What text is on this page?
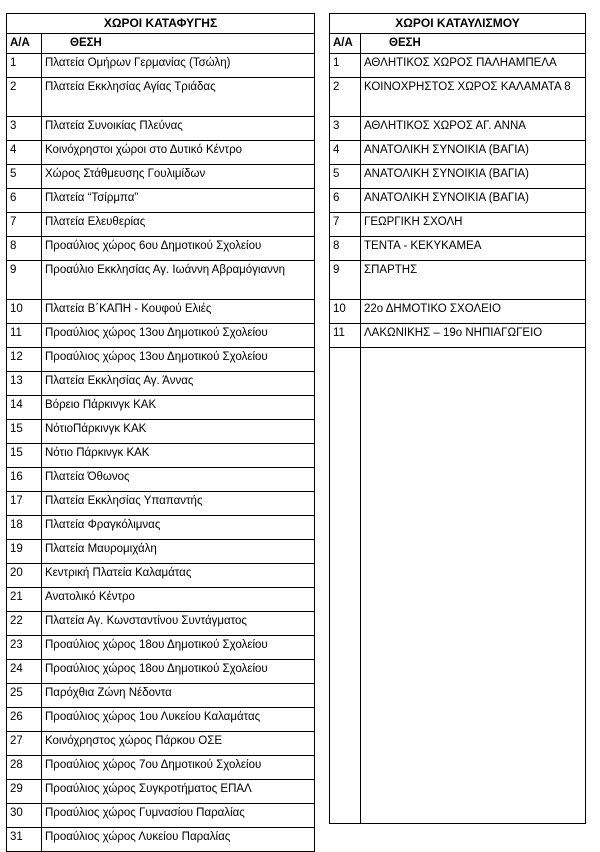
ΧΩΡΟΙ ΚΑΤΑΦΥΓΗΣ	
Α/Α	ΘΕΣΗ
1	Πλατεία Ομήρων Γερμανίας (Τσώλη)
2	Πλατεία Εκκλησίας Αγίας Τριάδας
3	Πλατεία Συνοικίας Πλεύνας
4	Κοινόχρηστοι χώροι στο Δυτικό Κέντρο
5	Χώρος Στάθμευσης Γουλιμίδων
6	Πλατεία “Τσίρμπα”
7	Πλατεία Ελευθερίας
8	Προαύλιος χώρος 6ου Δημοτικού Σχολείου
9	Προαύλιο Εκκλησίας Αγ. Ιωάννη Αβραμόγιαννη
10	Πλατεία Β΄ΚΑΠΗ - Κουφού Ελιές
11	Προαύλιος χώρος 13ου Δημοτικού Σχολείου
12	Προαύλιος χώρος 13ου Δημοτικού Σχολείου
13	Πλατεία Εκκλησίας Αγ. Άννας
14	Βόρειο Πάρκινγκ ΚΑΚ
15	ΝότιοΠάρκινγκ ΚΑΚ
15	Νότιο Πάρκινγκ ΚΑΚ
16	Πλατεία Όθωνος
17	Πλατεία Εκκλησίας Υπαπαντής
18	Πλατεία Φραγκόλιμνας
19	Πλατεία Μαυρομιχάλη
20	Κεντρική Πλατεία Καλαμάτας
21	Ανατολικό Κέντρο
22	Πλατεία Αγ. Κωνσταντίνου Συντάγματος
23	Προαύλιος χώρος 18ου Δημοτικού Σχολείου
24	Προαύλιος χώρος 18ου Δημοτικού Σχολείου
25	Παρόχθια Ζώνη Νέδοντα
26	Προαύλιος χώρος 1ου Λυκείου Καλαμάτας
27	Κοινόχρηστος χώρος Πάρκου ΟΣΕ
28	Προαύλιος χώρος 7ου Δημοτικού Σχολείου
29	Προαύλιος χώρος Συγκροτήματος ΕΠΑΛ
30	Προαύλιος χώρος Γυμνασίου Παραλίας
31	Προαύλιος χώρος Λυκείου Παραλίας
ΧΩΡΟΙ ΚΑΤΑΥΛΙΣΜΟΥ	
Α/Α	ΘΕΣΗ
1	ΑΘΛΗΤΙΚΟΣ ΧΩΡΟΣ ΠΑΛΗΑΜΠΕΛΑ
2	ΚΟΙΝΟΧΡΗΣΤΟΣ ΧΩΡΟΣ ΚΑΛΑΜΑΤΑ 8
3	ΑΘΛΗΤΙΚΟΣ ΧΩΡΟΣ ΑΓ. ΑΝΝΑ
4	ΑΝΑΤΟΛΙΚΗ ΣΥΝΟΙΚΙΑ (ΒΑΓΙΑ)
5	ΑΝΑΤΟΛΙΚΗ ΣΥΝΟΙΚΙΑ (ΒΑΓΙΑ)
6	ΑΝΑΤΟΛΙΚΗ ΣΥΝΟΙΚΙΑ (ΒΑΓΙΑ)
7	ΓΕΩΡΓΙΚΗ ΣΧΟΛΗ
8	ΤΕΝΤΑ - ΚΕΚΥΚΑΜΕΑ
9	ΣΠΑΡΤΗΣ
10	22ο ΔΗΜΟΤΙΚΟ ΣΧΟΛΕΙΟ
11	ΛΑΚΩΝΙΚΗΣ – 19ο ΝΗΠΙΑΓΩΓΕΙΟ
